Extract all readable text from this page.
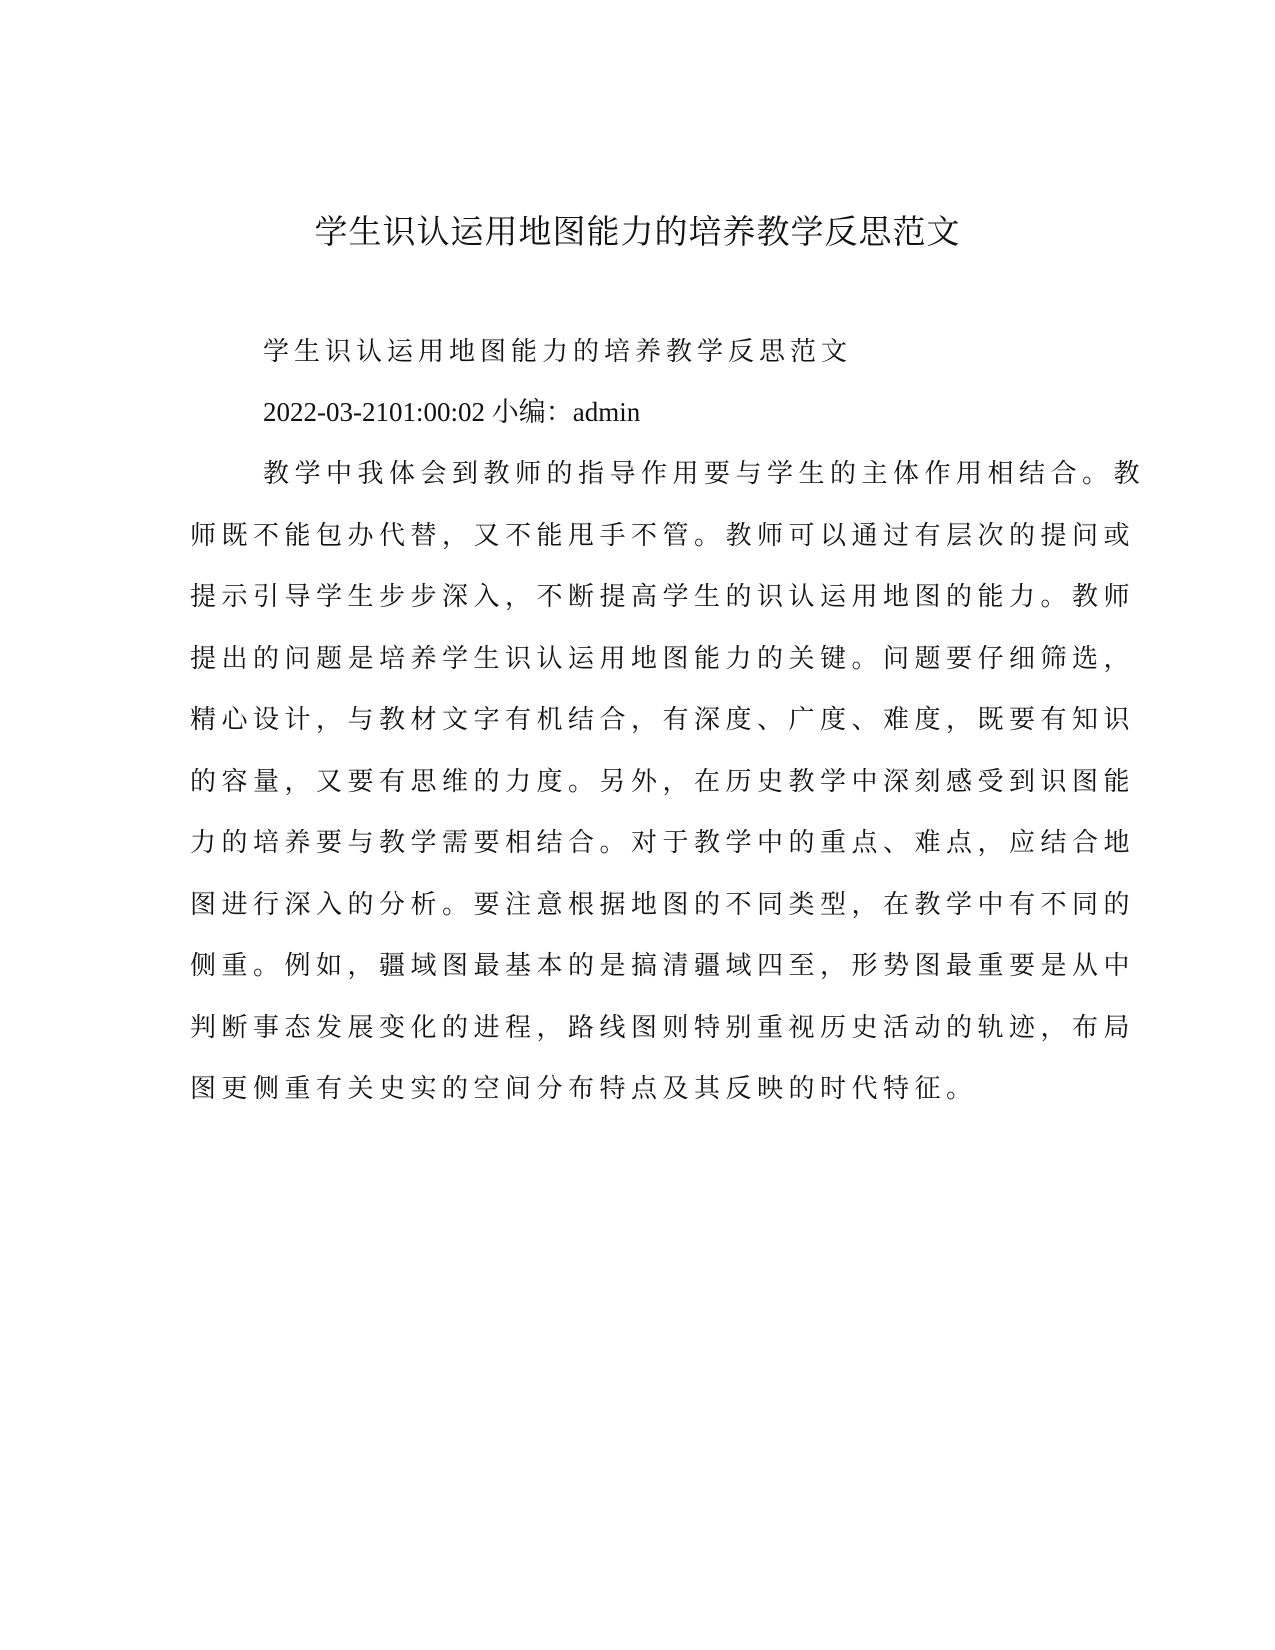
学生识认运用地图能力的培养教学反思范文
学生识认运用地图能力的培养教学反思范文
2022-03-2101:00:02 小编：admin
教学中我体会到教师的指导作用要与学生的主体作用相结合。教
师既不能包办代替，又不能甩手不管。教师可以通过有层次的提问或
提示引导学生步步深入，不断提高学生的识认运用地图的能力。教师
提出的问题是培养学生识认运用地图能力的关键。问题要仔细筛选，
精心设计，与教材文字有机结合，有深度、广度、难度，既要有知识
的容量，又要有思维的力度。另外，在历史教学中深刻感受到识图能
力的培养要与教学需要相结合。对于教学中的重点、难点，应结合地
图进行深入的分析。要注意根据地图的不同类型，在教学中有不同的
侧重。例如，疆域图最基本的是搞清疆域四至，形势图最重要是从中
判断事态发展变化的进程，路线图则特别重视历史活动的轨迹，布局
图更侧重有关史实的空间分布特点及其反映的时代特征。
